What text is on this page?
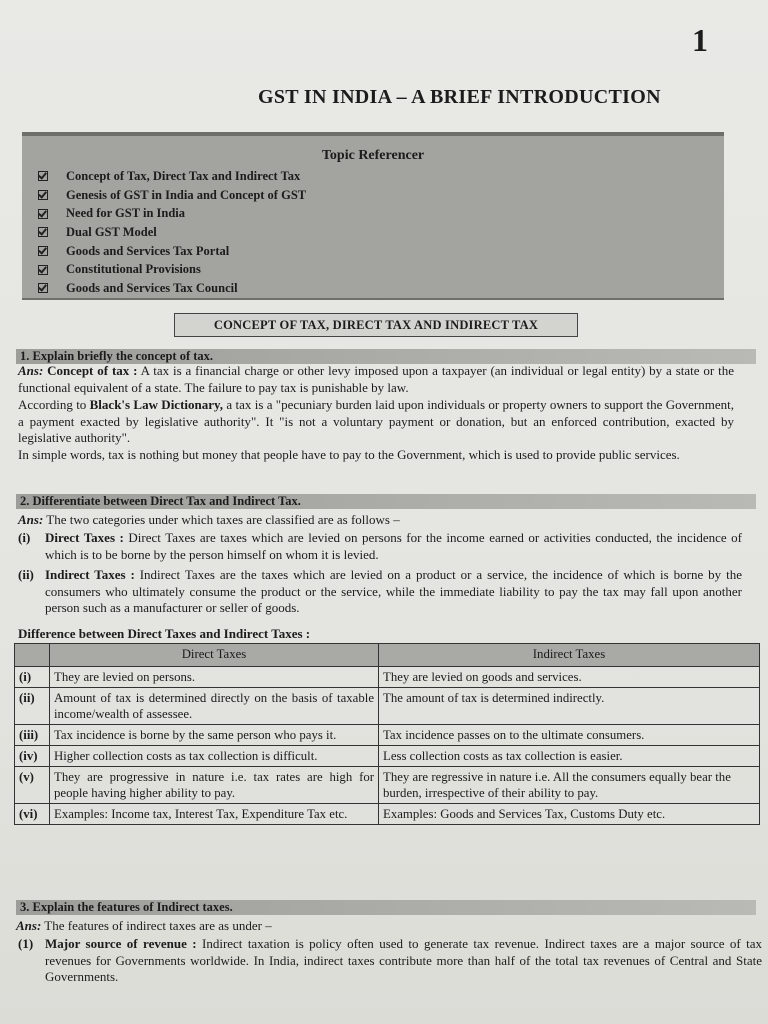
1
GST IN INDIA – A BRIEF INTRODUCTION
Topic Referencer
Concept of Tax, Direct Tax and Indirect Tax
Genesis of GST in India and Concept of GST
Need for GST in India
Dual GST Model
Goods and Services Tax Portal
Constitutional Provisions
Goods and Services Tax Council
CONCEPT OF TAX, DIRECT TAX AND INDIRECT TAX
1. Explain briefly the concept of tax.
Ans: Concept of tax : A tax is a financial charge or other levy imposed upon a taxpayer (an individual or legal entity) by a state or the functional equivalent of a state. The failure to pay tax is punishable by law.
According to Black's Law Dictionary, a tax is a "pecuniary burden laid upon individuals or property owners to support the Government, a payment exacted by legislative authority". It "is not a voluntary payment or donation, but an enforced contribution, exacted by legislative authority".
In simple words, tax is nothing but money that people have to pay to the Government, which is used to provide public services.
2. Differentiate between Direct Tax and Indirect Tax.
Ans: The two categories under which taxes are classified are as follows –
(i) Direct Taxes : Direct Taxes are taxes which are levied on persons for the income earned or activities conducted, the incidence of which is to be borne by the person himself on whom it is levied.
(ii) Indirect Taxes : Indirect Taxes are the taxes which are levied on a product or a service, the incidence of which is borne by the consumers who ultimately consume the product or the service, while the immediate liability to pay the tax may fall upon another person such as a manufacturer or seller of goods.
Difference between Direct Taxes and Indirect Taxes :
	Direct Taxes	Indirect Taxes
(i)	They are levied on persons.	They are levied on goods and services.
(ii)	Amount of tax is determined directly on the basis of taxable income/wealth of assessee.	The amount of tax is determined indirectly.
(iii)	Tax incidence is borne by the same person who pays it.	Tax incidence passes on to the ultimate consumers.
(iv)	Higher collection costs as tax collection is difficult.	Less collection costs as tax collection is easier.
(v)	They are progressive in nature i.e. tax rates are high for people having higher ability to pay.	They are regressive in nature i.e. All the consumers equally bear the burden, irrespective of their ability to pay.
(vi)	Examples: Income tax, Interest Tax, Expenditure Tax etc.	Examples: Goods and Services Tax, Customs Duty etc.
3. Explain the features of Indirect taxes.
Ans: The features of indirect taxes are as under –
(1) Major source of revenue : Indirect taxation is policy often used to generate tax revenue. Indirect taxes are a major source of tax revenues for Governments worldwide. In India, indirect taxes contribute more than half of the total tax revenues of Central and State Governments.
